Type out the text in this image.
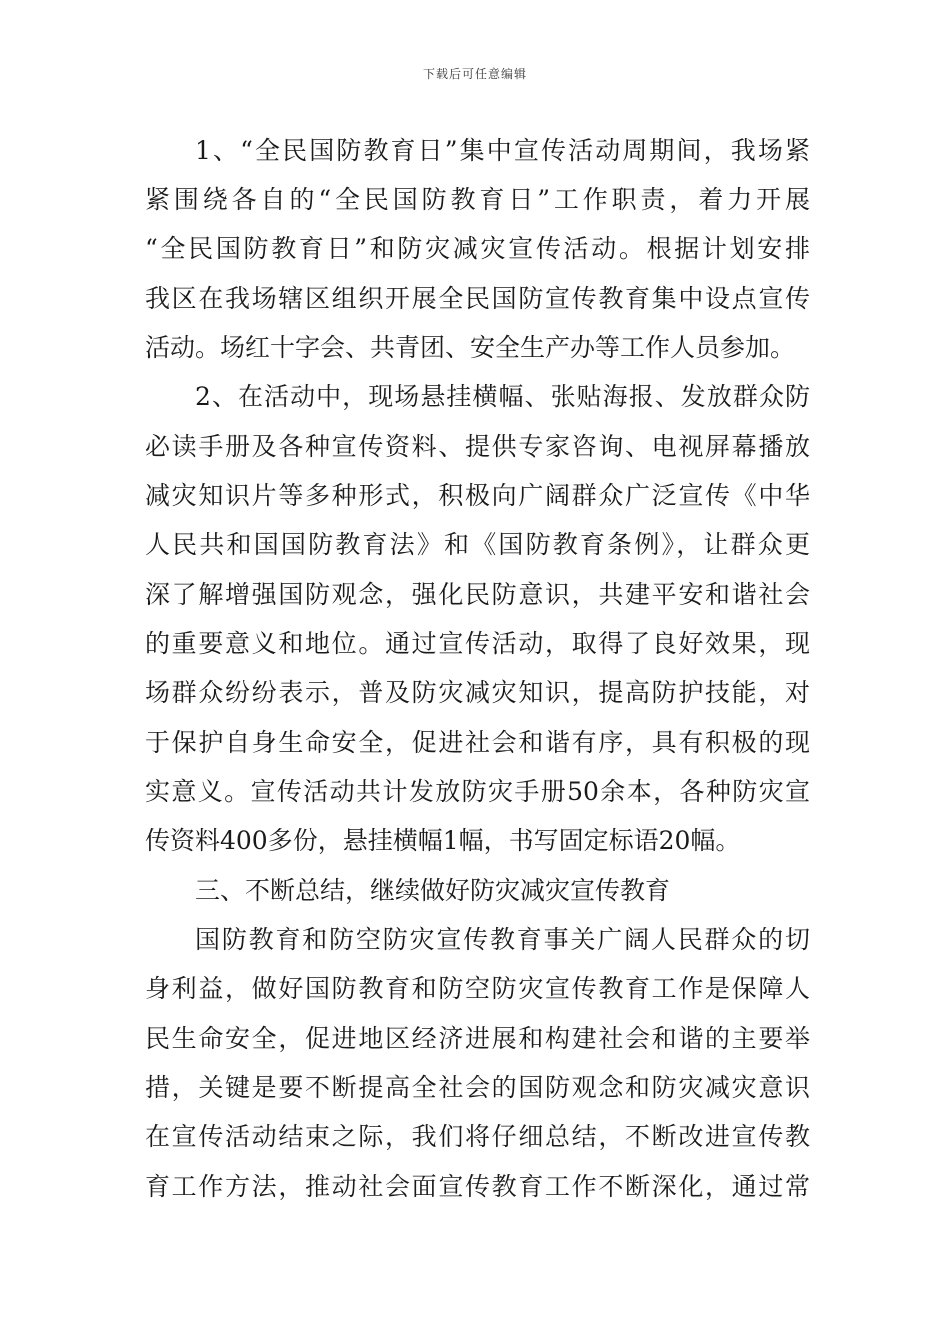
下载后可任意编辑
1、“全民国防教育日”集中宣传活动周期间，我场紧
紧围绕各自的“全民国防教育日”工作职责，着力开展
“全民国防教育日”和防灾减灾宣传活动。根据计划安排
我区在我场辖区组织开展全民国防宣传教育集中设点宣传
活动。场红十字会、共青团、安全生产办等工作人员参加。
2、在活动中，现场悬挂横幅、张贴海报、发放群众防
必读手册及各种宣传资料、提供专家咨询、电视屏幕播放
减灾知识片等多种形式，积极向广阔群众广泛宣传《中华
人民共和国国防教育法》和《国防教育条例》，让群众更
深了解增强国防观念，强化民防意识，共建平安和谐社会
的重要意义和地位。通过宣传活动，取得了良好效果，现
场群众纷纷表示，普及防灾减灾知识，提高防护技能，对
于保护自身生命安全，促进社会和谐有序，具有积极的现
实意义。宣传活动共计发放防灾手册50余本，各种防灾宣
传资料400多份，悬挂横幅1幅，书写固定标语20幅。
三、不断总结，继续做好防灾减灾宣传教育
国防教育和防空防灾宣传教育事关广阔人民群众的切
身利益，做好国防教育和防空防灾宣传教育工作是保障人
民生命安全，促进地区经济进展和构建社会和谐的主要举
措，关键是要不断提高全社会的国防观念和防灾减灾意识
在宣传活动结束之际，我们将仔细总结，不断改进宣传教
育工作方法，推动社会面宣传教育工作不断深化，通过常
